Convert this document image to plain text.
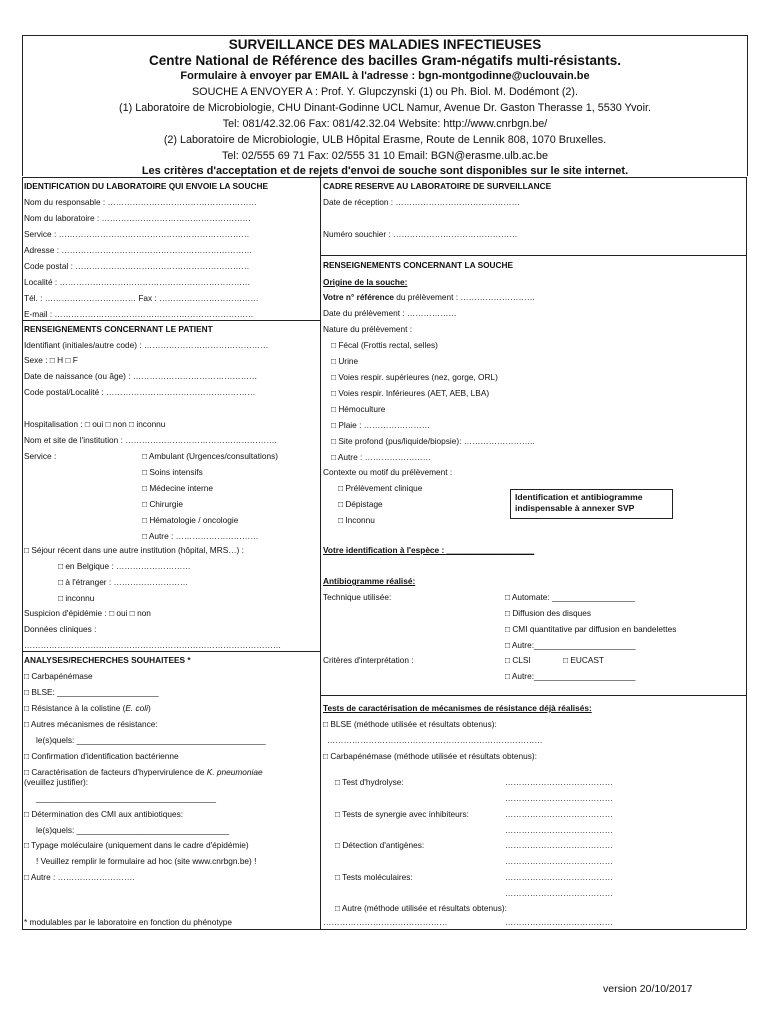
SURVEILLANCE DES MALADIES INFECTIEUSES
Centre National de Référence des bacilles Gram-négatifs multi-résistants.
Formulaire à envoyer par EMAIL à l'adresse : bgn-montgodinne@uclouvain.be
SOUCHE A ENVOYER A : Prof. Y. Glupczynski (1) ou Ph. Biol. M. Dodémont (2).
(1) Laboratoire de Microbiologie, CHU Dinant-Godinne UCL Namur, Avenue Dr. Gaston Therasse 1, 5530 Yvoir.
Tel: 081/42.32.06 Fax: 081/42.32.04 Website: http://www.cnrbgn.be/
(2) Laboratoire de Microbiologie, ULB Hôpital Erasme, Route de Lennik 808, 1070 Bruxelles.
Tel: 02/555 69 71 Fax: 02/555 31 10 Email: BGN@erasme.ulb.ac.be
Les critères d'acceptation et de rejets d'envoi de souche sont disponibles sur le site internet.
IDENTIFICATION DU LABORATOIRE QUI ENVOIE LA SOUCHE
Nom du responsable : ………………………………………………
Nom du laboratoire : ………………………………………………
Service : ……………………………………………………………
Adresse : ……………………………………………………………
Code postal : ………………………………………………………
Localité : ……………………………………………………………
Tél. : …………………………… Fax : ………………………………
E-mail : ………………………………………………………………
CADRE RESERVE AU LABORATOIRE DE SURVEILLANCE
Date de réception : ………………………………………
Numéro souchier : ………………………………………
RENSEIGNEMENTS CONCERNANT LE PATIENT
Identifiant (initiales/autre code) : ………………………………………
Sexe : □ H □ F
Date de naissance (ou âge) : ………………………………………
Code postal/Localité : ………………………………………………
Hospitalisation : □ oui □ non □ inconnu
Nom et site de l'institution : ……………………………………………….
Service :	□ Ambulant (Urgences/consultations)
□ Soins intensifs
□ Médecine interne
□ Chirurgie
□ Hématologie / oncologie
□ Autre : …………………………
□ Séjour récent dans une autre institution (hôpital, MRS…) :
□ en Belgique : ………………………
□ à l'étranger : ………………………
□ inconnu
Suspicion d'épidémie : □ oui □ non
Données cliniques :
…………………………………………………………………………………
RENSEIGNEMENTS CONCERNANT LA SOUCHE
Origine de la souche:
Votre n° référence du prélèvement : ………………………
Date du prélèvement : ………………
Nature du prélèvement :
□ Fécal (Frottis rectal, selles)
□ Urine
□ Voies respir. supérieures (nez, gorge, ORL)
□ Voies respir. Inférieures (AET, AEB, LBA)
□ Hémoculture
□ Plaie : ……………………
□ Site profond (pus/liquide/biopsie): ……………………..
□ Autre : ……………………
Contexte ou motif du prélèvement :
□ Prélèvement clinique
□ Dépistage
□ Inconnu
Identification et antibiogramme
indispensable à annexer SVP
Votre identification à l'espèce : ___________________
Antibiogramme réalisé:
Technique utilisée:	□ Automate: __________________
□ Diffusion des disques
□ CMI quantitative par diffusion en bandelettes
□ Autre:______________________
Critères d'interprétation :	□ CLSI	□ EUCAST
□ Autre:______________________
ANALYSES/RECHERCHES SOUHAITEES *
□ Carbapénémase
□ BLSE: ______________________
□ Résistance à la colistine (E. coli)
□ Autres mécanismes de résistance:
le(s)quels: _________________________________________
□ Confirmation d'identification bactérienne
□ Caractérisation de facteurs d'hypervirulence de K. pneumoniae
(veuillez justifier):
_______________________________________
□ Détermination des CMI aux antibiotiques:
le(s)quels: _________________________________
□ Typage moléculaire (uniquement dans le cadre d'épidémie)
! Veuillez remplir le formulaire ad hoc (site www.cnrbgn.be) !
□ Autre : ……………………….
* modulables par le laboratoire en fonction du phénotype
Tests de caractérisation de mécanismes de résistance déjà réalisés:
□ BLSE (méthode utilisée et résultats obtenus):
……………………………………………………………………
□ Carbapénémase (méthode utilisée et résultats obtenus):
□ Test d'hydrolyse:	…………………………………
…………………………………
□ Tests de synergie avec inhibiteurs:	…………………………………
…………………………………
□ Détection d'antigènes:	…………………………………
…………………………………
□ Tests moléculaires:	…………………………………
…………………………………
□ Autre (méthode utilisée et résultats obtenus):
………………………………………	…………………………………
version 20/10/2017
